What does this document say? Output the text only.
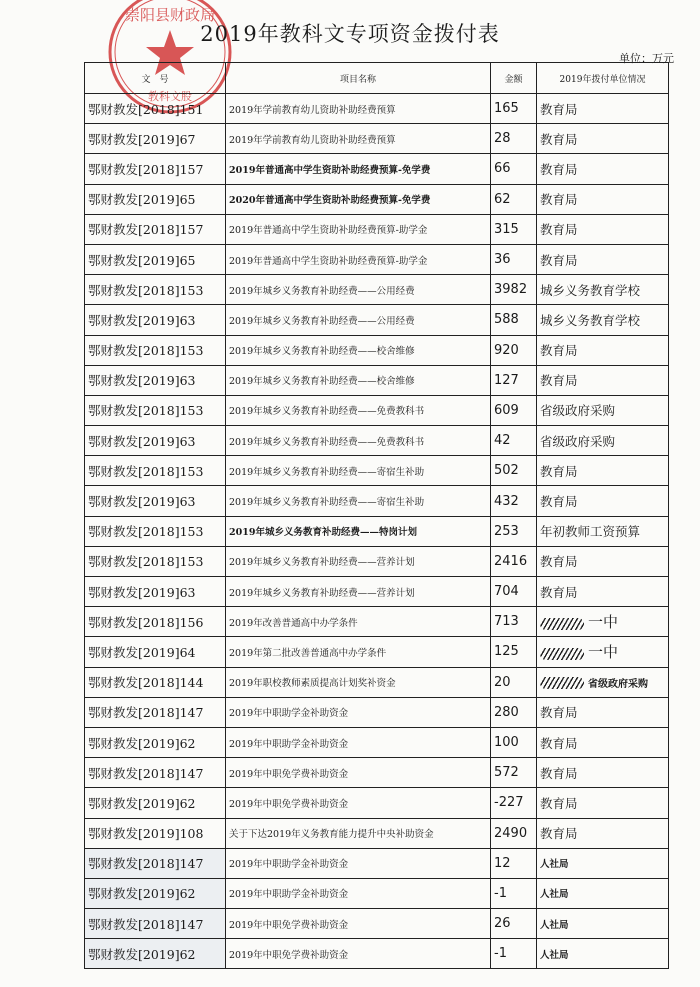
崇阳县财政局
教科文股
2019年教科文专项资金拨付表
单位：万元
文　号	项目名称	金额	2019年拨付单位情况
鄂财教发[2018]151	2019年学前教育幼儿资助补助经费预算	165	教育局
鄂财教发[2019]67	2019年学前教育幼儿资助补助经费预算	28	教育局
鄂财教发[2018]157	2019年普通高中学生资助补助经费预算-免学费	66	教育局
鄂财教发[2019]65	2020年普通高中学生资助补助经费预算-免学费	62	教育局
鄂财教发[2018]157	2019年普通高中学生资助补助经费预算-助学金	315	教育局
鄂财教发[2019]65	2019年普通高中学生资助补助经费预算-助学金	36	教育局
鄂财教发[2018]153	2019年城乡义务教育补助经费——公用经费	3982	城乡义务教育学校
鄂财教发[2019]63	2019年城乡义务教育补助经费——公用经费	588	城乡义务教育学校
鄂财教发[2018]153	2019年城乡义务教育补助经费——校舍维修	920	教育局
鄂财教发[2019]63	2019年城乡义务教育补助经费——校舍维修	127	教育局
鄂财教发[2018]153	2019年城乡义务教育补助经费——免费教科书	609	省级政府采购
鄂财教发[2019]63	2019年城乡义务教育补助经费——免费教科书	42	省级政府采购
鄂财教发[2018]153	2019年城乡义务教育补助经费——寄宿生补助	502	教育局
鄂财教发[2019]63	2019年城乡义务教育补助经费——寄宿生补助	432	教育局
鄂财教发[2018]153	2019年城乡义务教育补助经费——特岗计划	253	年初教师工资预算
鄂财教发[2018]153	2019年城乡义务教育补助经费——营养计划	2416	教育局
鄂财教发[2019]63	2019年城乡义务教育补助经费——营养计划	704	教育局
鄂财教发[2018]156	2019年改善普通高中办学条件	713	一中
鄂财教发[2019]64	2019年第二批改善普通高中办学条件	125	一中
鄂财教发[2018]144	2019年职校教师素质提高计划奖补资金	20	省级政府采购
鄂财教发[2018]147	2019年中职助学金补助资金	280	教育局
鄂财教发[2019]62	2019年中职助学金补助资金	100	教育局
鄂财教发[2018]147	2019年中职免学费补助资金	572	教育局
鄂财教发[2019]62	2019年中职免学费补助资金	-227	教育局
鄂财教发[2019]108	关于下达2019年义务教育能力提升中央补助资金	2490	教育局
鄂财教发[2018]147	2019年中职助学金补助资金	12	人社局
鄂财教发[2019]62	2019年中职助学金补助资金	-1	人社局
鄂财教发[2018]147	2019年中职免学费补助资金	26	人社局
鄂财教发[2019]62	2019年中职免学费补助资金	-1	人社局
